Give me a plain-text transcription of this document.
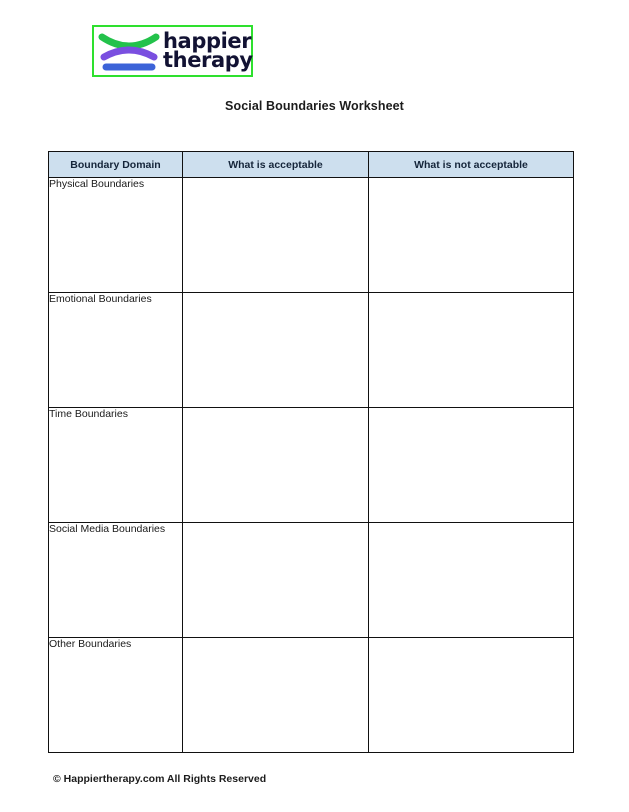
happier
therapy
Social Boundaries Worksheet
Boundary Domain	What is acceptable	What is not acceptable
Physical Boundaries		
Emotional Boundaries		
Time Boundaries		
Social Media Boundaries		
Other Boundaries		
© Happiertherapy.com All Rights Reserved
